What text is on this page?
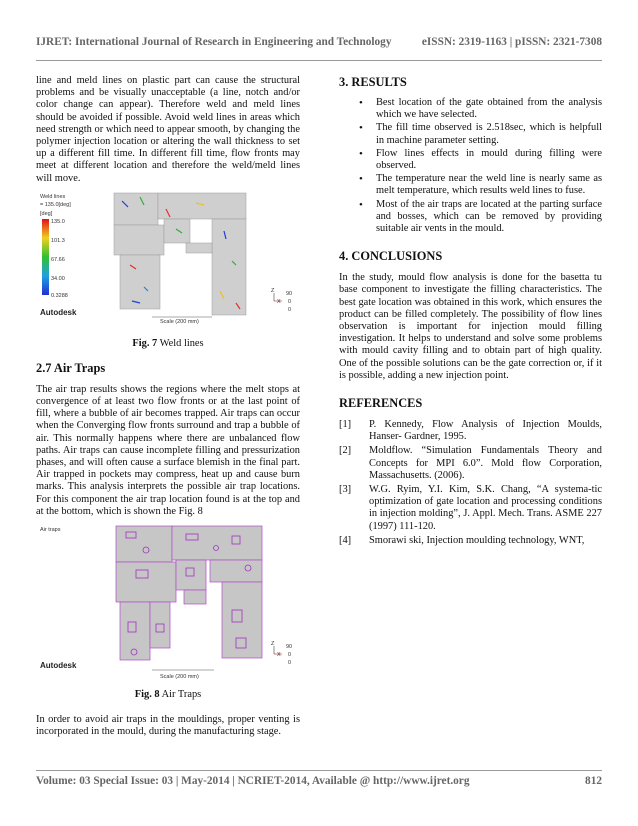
IJRET: International Journal of Research in Engineering and Technology	eISSN: 2319-1163 | pISSN: 2321-7308

line and meld lines on plastic part can cause the structural problems and be visually unacceptable (a line, notch and/or color change can appear). Therefore weld and meld lines should be avoided if possible. Avoid weld lines in areas which need strength or which need to appear smooth, by changing the polymer injection location or altering the wall thickness to set up a different fill time. In different fill time, flow fronts may meet at different location and therefore the weld/meld lines will move.

Weld lines
= 135.0[deg]
[deg]
135.0
101.3
67.66
34.00
0.3288
Autodesk
Scale (200 mm)
Z
X
90
0
0
Fig. 7 Weld lines
2.7 Air Traps

The air trap results shows the regions where the melt stops at convergence of at least two flow fronts or at the last point of fill, where a bubble of air becomes trapped. Air traps can occur when the Converging flow fronts surround and trap a bubble of air. This normally happens where there are unbalanced flow paths. Air traps can cause incomplete filling and pressurization phases, and will often cause a surface blemish in the final part. Air trapped in pockets may compress, heat up and cause burn marks. This analysis interprets the possible air trap locations. For this component the air trap location found is at the top and at the bottom, which is shown the Fig. 8

Air traps
Autodesk
Scale (200 mm)
Z
X
90
0
0
Fig. 8 Air Traps

In order to avoid air traps in the mouldings, proper venting is incorporated in the mould, during the manufacturing stage.

3. RESULTS
• Best location of the gate obtained from the analysis which we have selected.
• The fill time observed is 2.518sec, which is helpfull in machine parameter setting.
• Flow lines effects in mould during filling were observed.
• The temperature near the weld line is nearly same as melt temperature, which results weld lines to fuse.
• Most of the air traps are located at the parting surface and bosses, which can be removed by providing suitable air vents in the mould.
4. CONCLUSIONS

In the study, mould flow analysis is done for the basetta tu base component to investigate the filling characteristics. The best gate location was obtained in this work, which ensures the product can be filled completely. The possibility of flow lines observation is important for injection mould filling investigation. It helps to understand and solve some problems with mould cavity filling and to obtain part of high quality. One of the possible solutions can be the gate correction or, if it is possible, adding a new injection point.

REFERENCES
[1] P. Kennedy, Flow Analysis of Injection Moulds, Hanser- Gardner, 1995.
[2] Moldflow. “Simulation Fundamentals Theory and Concepts for MPI 6.0”. Mold flow Corporation, Massachusetts. (2006).
[3] W.G. Ryim, Y.I. Kim, S.K. Chang, “A systema-tic optimization of gate location and processing conditions in injection molding”, J. Appl. Mech. Trans. ASME 227 (1997) 111-120.
[4] Smorawi ski, Injection moulding technology, WNT,
Volume: 03 Special Issue: 03 | May-2014 | NCRIET-2014, Available @ http://www.ijret.org	812
